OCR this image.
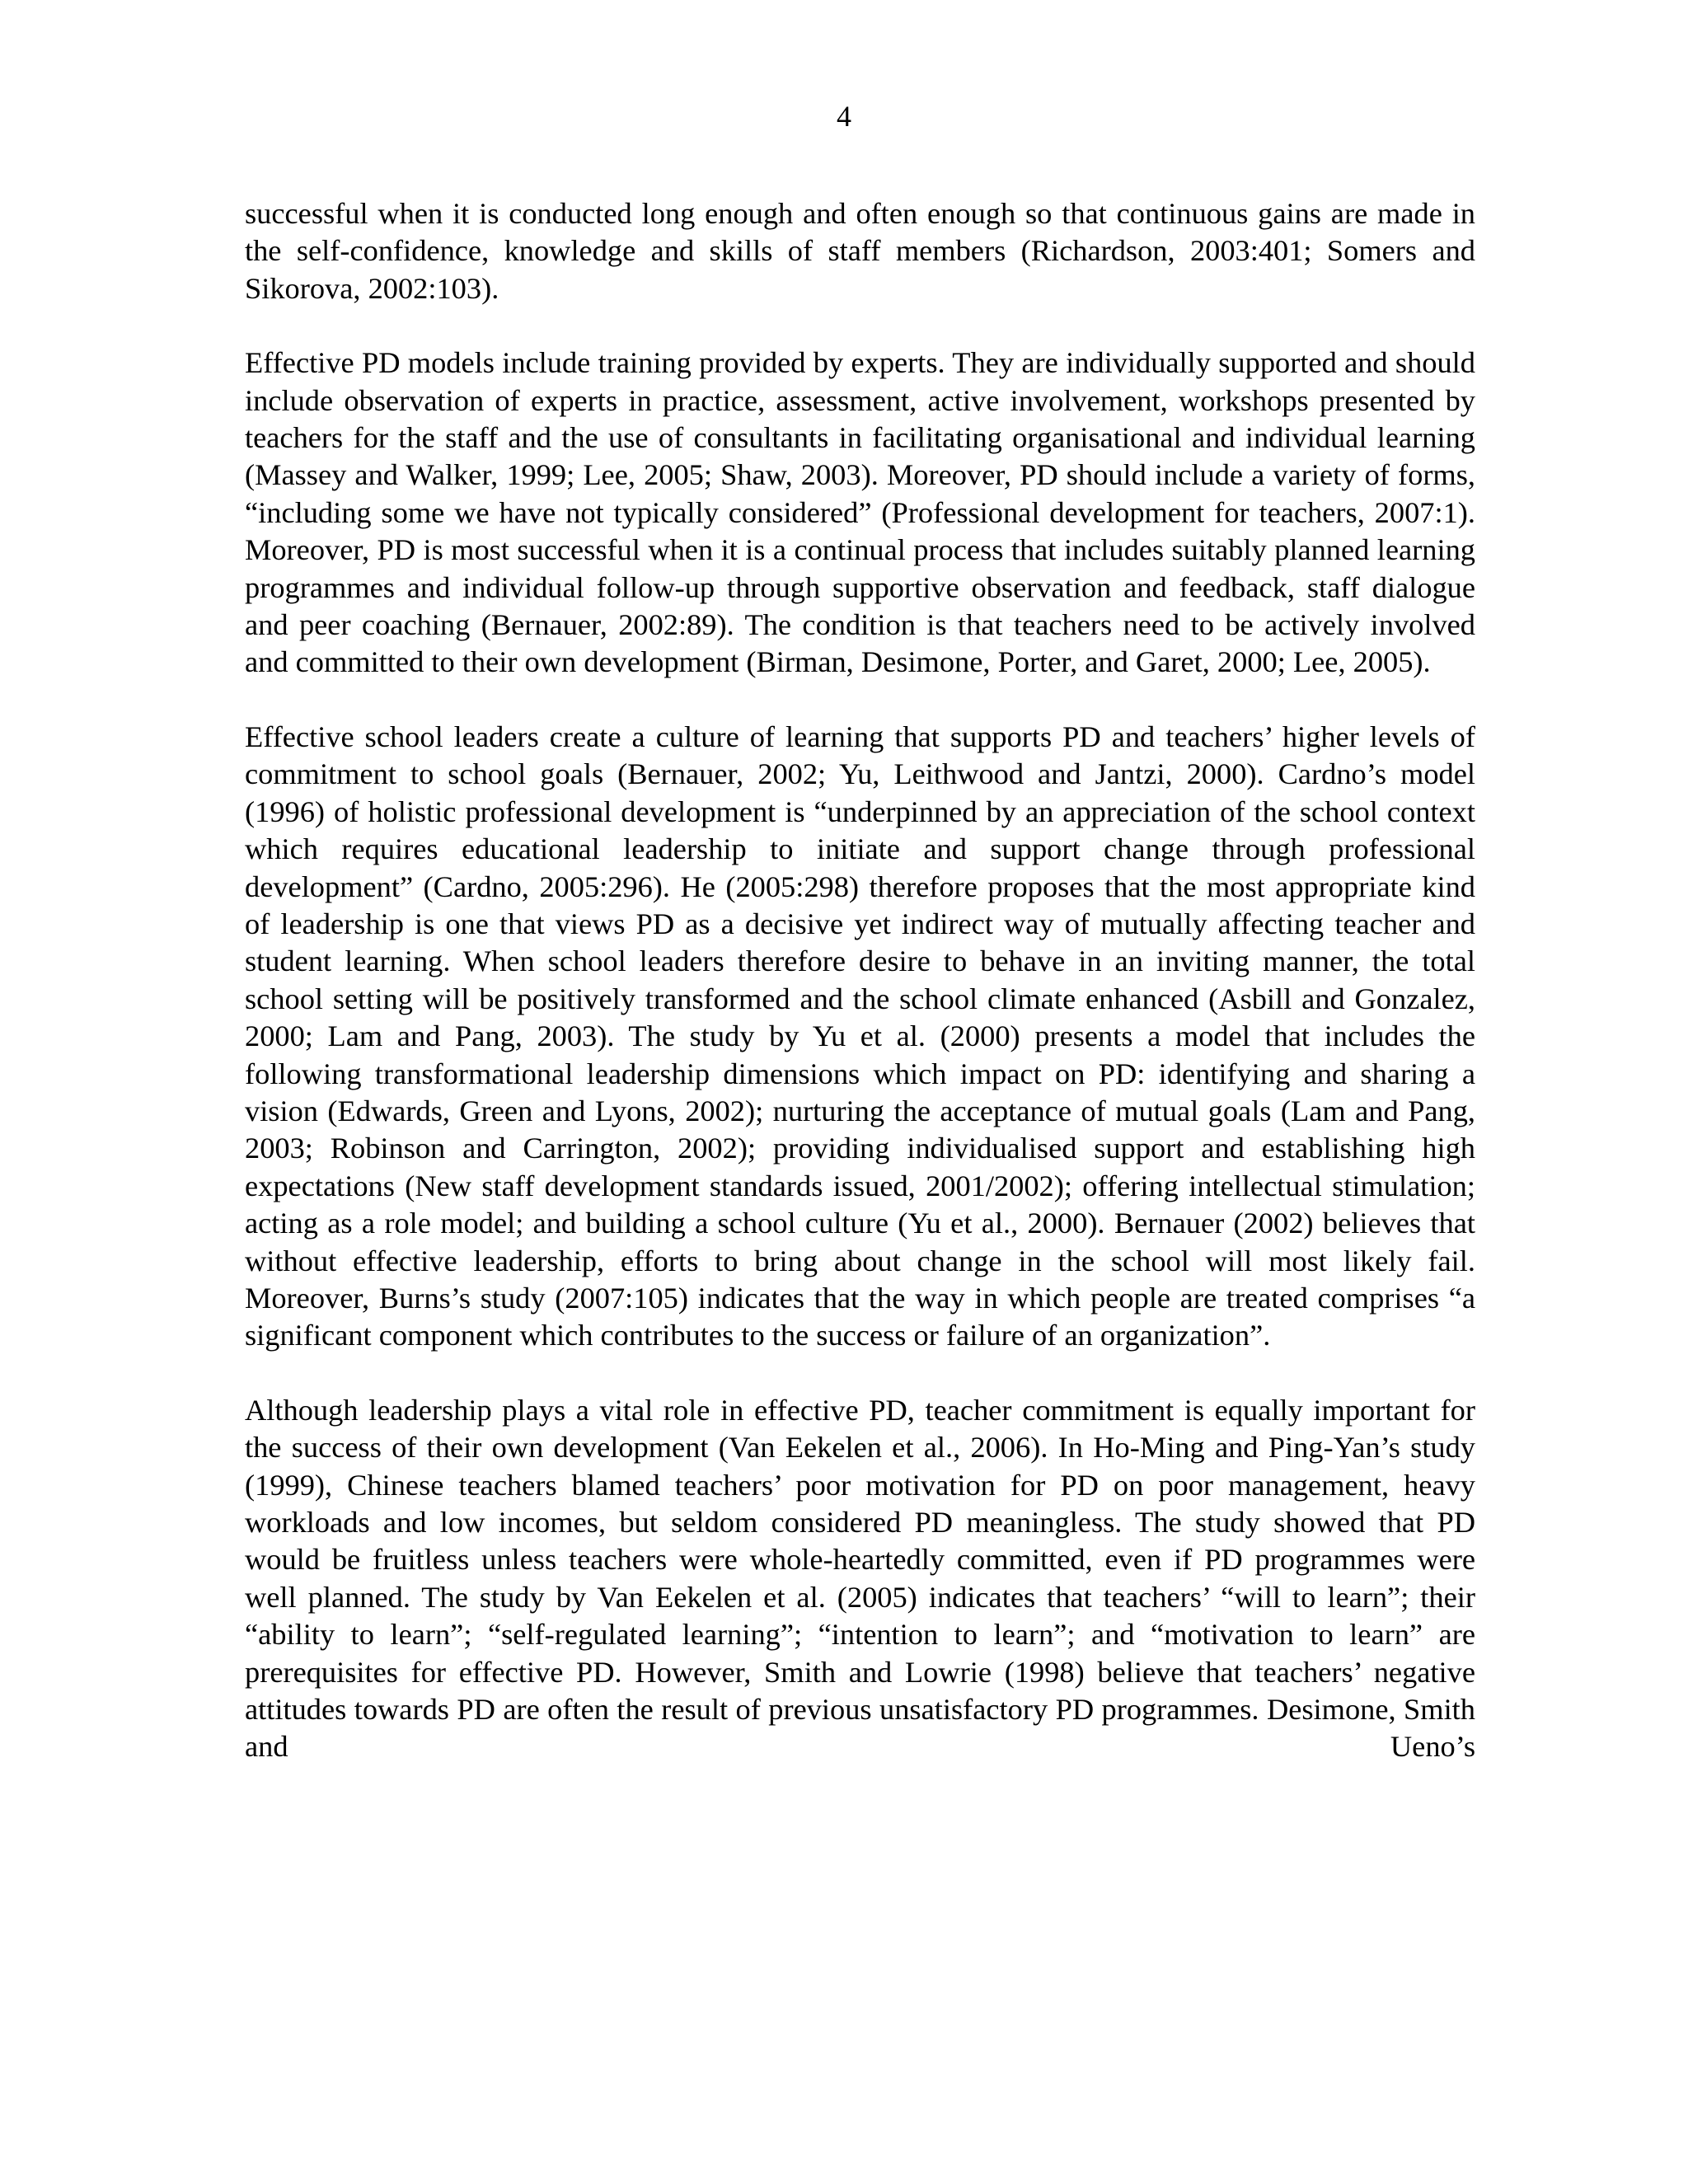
4

successful when it is conducted long enough and often enough so that continuous gains are made in the self-confidence, knowledge and skills of staff members (Richardson, 2003:401; Somers and Sikorova, 2002:103).

Effective PD models include training provided by experts. They are individually supported and should include observation of experts in practice, assessment, active involvement, workshops presented by teachers for the staff and the use of consultants in facilitating organisational and individual learning (Massey and Walker, 1999; Lee, 2005; Shaw, 2003). Moreover, PD should include a variety of forms, “including some we have not typically considered” (Professional development for teachers, 2007:1). Moreover, PD is most successful when it is a continual process that includes suitably planned learning programmes and individual follow-up through supportive observation and feedback, staff dialogue and peer coaching (Bernauer, 2002:89). The condition is that teachers need to be actively involved and committed to their own development (Birman, Desimone, Porter, and Garet, 2000; Lee, 2005).

Effective school leaders create a culture of learning that supports PD and teachers’ higher levels of commitment to school goals (Bernauer, 2002; Yu, Leithwood and Jantzi, 2000). Cardno’s model (1996) of holistic professional development is “underpinned by an appreciation of the school context which requires educational leadership to initiate and support change through professional development” (Cardno, 2005:296). He (2005:298) therefore proposes that the most appropriate kind of leadership is one that views PD as a decisive yet indirect way of mutually affecting teacher and student learning. When school leaders therefore desire to behave in an inviting manner, the total school setting will be positively transformed and the school climate enhanced (Asbill and Gonzalez, 2000; Lam and Pang, 2003). The study by Yu et al. (2000) presents a model that includes the following transformational leadership dimensions which impact on PD: identifying and sharing a vision (Edwards, Green and Lyons, 2002); nurturing the acceptance of mutual goals (Lam and Pang, 2003; Robinson and Carrington, 2002); providing individualised support and establishing high expectations (New staff development standards issued, 2001/2002); offering intellectual stimulation; acting as a role model; and building a school culture (Yu et al., 2000). Bernauer (2002) believes that without effective leadership, efforts to bring about change in the school will most likely fail. Moreover, Burns’s study (2007:105) indicates that the way in which people are treated comprises “a significant component which contributes to the success or failure of an organization”.

Although leadership plays a vital role in effective PD, teacher commitment is equally important for the success of their own development (Van Eekelen et al., 2006). In Ho-Ming and Ping-Yan’s study (1999), Chinese teachers blamed teachers’ poor motivation for PD on poor management, heavy workloads and low incomes, but seldom considered PD meaningless. The study showed that PD would be fruitless unless teachers were whole-heartedly committed, even if PD programmes were well planned. The study by Van Eekelen et al. (2005) indicates that teachers’ “will to learn”; their “ability to learn”; “self-regulated learning”; “intention to learn”; and “motivation to learn” are prerequisites for effective PD. However, Smith and Lowrie (1998) believe that teachers’ negative attitudes towards PD are often the result of previous unsatisfactory PD programmes. Desimone, Smith and Ueno’s
